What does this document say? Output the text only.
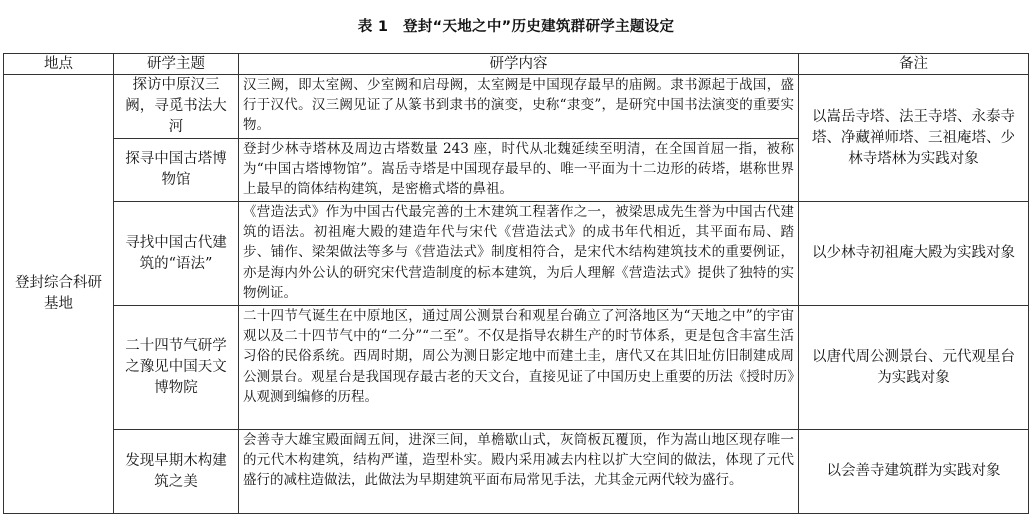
表 1　登封“天地之中”历史建筑群研学主题设定
地点	研学主题	研学内容	备注
登封综合科研基地	探访中原汉三阙，寻觅书法大河	汉三阙，即太室阙、少室阙和启母阙，太室阙是中国现存最早的庙阙。隶书源起于战国，盛行于汉代。汉三阙见证了从篆书到隶书的演变，史称“隶变”，是研究中国书法演变的重要实物。	以嵩岳寺塔、法王寺塔、永泰寺塔、净藏禅师塔、三祖庵塔、少林寺塔林为实践对象
	探寻中国古塔博物馆	登封少林寺塔林及周边古塔数量 243 座，时代从北魏延续至明清，在全国首屈一指，被称为“中国古塔博物馆”。嵩岳寺塔是中国现存最早的、唯一平面为十二边形的砖塔，堪称世界上最早的筒体结构建筑，是密檐式塔的鼻祖。	
	寻找中国古代建筑的“语法”	《营造法式》作为中国古代最完善的土木建筑工程著作之一，被梁思成先生誉为中国古代建筑的语法。初祖庵大殿的建造年代与宋代《营造法式》的成书年代相近，其平面布局、踏步、铺作、梁架做法等多与《营造法式》制度相符合，是宋代木结构建筑技术的重要例证，亦是海内外公认的研究宋代营造制度的标本建筑，为后人理解《营造法式》提供了独特的实物例证。	以少林寺初祖庵大殿为实践对象
	二十四节气研学之豫见中国天文博物院	二十四节气诞生在中原地区，通过周公测景台和观星台确立了河洛地区为“天地之中”的宇宙观以及二十四节气中的“二分”“二至”。不仅是指导农耕生产的时节体系，更是包含丰富生活习俗的民俗系统。西周时期，周公为测日影定地中而建土圭，唐代又在其旧址仿旧制建成周公测景台。观星台是我国现存最古老的天文台，直接见证了中国历史上重要的历法《授时历》从观测到编修的历程。	以唐代周公测景台、元代观星台为实践对象
	发现早期木构建筑之美	会善寺大雄宝殿面阔五间，进深三间，单檐歇山式，灰筒板瓦覆顶，作为嵩山地区现存唯一的元代木构建筑，结构严谨，造型朴实。殿内采用减去内柱以扩大空间的做法，体现了元代盛行的减柱造做法，此做法为早期建筑平面布局常见手法，尤其金元两代较为盛行。	以会善寺建筑群为实践对象
